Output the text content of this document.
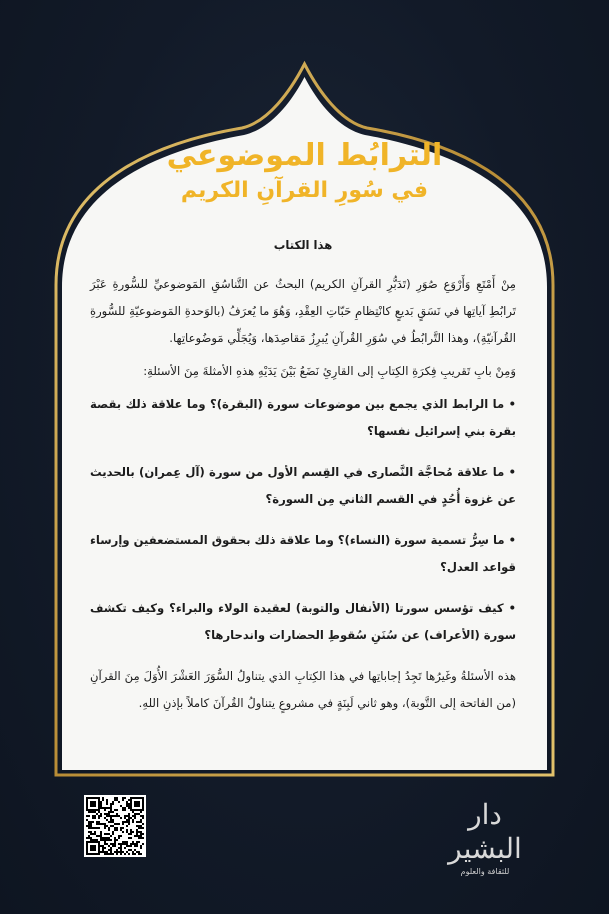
الترابُط الموضوعي
في سُورِ القرآنِ الكريم

هذا الكتاب

مِنْ أَمْتَعِ وَأَرْوَعِ صُوَرِ (تَدَبُّرِ القرآنِ الكريم) البحثُ عن التَّناسُقِ المَوضوعيِّ للسُّورةِ عَبْرَ تَرابُطِ آياتِها في نَسَقٍ بَديعٍ كانْتِظامِ حَبّاتِ العِقْدِ، وَهُوَ ما يُعرَفُ (بالوَحدةِ المَوضوعيّةِ للسُّورةِ القُرآنيّةِ)، وهذا التَّرابُطُ في سُوَرِ القُرآنِ يُبرِزُ مَقاصِدَها، وَيُجَلِّي مَوضُوعاتِها.

وَمِنْ بابِ تَقريبِ فِكرَةِ الكِتابِ إلى القارِئِ نَضَعُ بَيْنَ يَدَيْهِ هذهِ الأمثلةَ مِنَ الأسئلةِ:

• ما الرابط الذي يجمع بين موضوعات سورة (البقرة)؟ وما علاقة ذلك بقصة بقرة بني إسرائيل نفسها؟

• ما علاقة مُحاجَّة النَّصارى في القِسم الأول من سورة (آل عِمران) بالحديث عن غزوة أُحُدٍ في القسم الثاني مِن السورة؟

• ما سِرُّ تسمية سورة (النساء)؟ وما علاقة ذلك بحقوق المستضعفين وإرساء قواعد العدل؟

• كيف تؤسس سورتا (الأنفال والتوبة) لعقيدة الولاء والبراء؟ وكيف تكشف سورة (الأعراف) عن سُنَنِ سُقوطِ الحضارات واندحارها؟

هذه الأسئلةُ وغَيرُها تَجِدُ إجاباتِها في هذا الكِتابِ الذي يتناولُ السُّوَرَ العَشْرَ الأُوَلَ مِنَ القرآنِ (من الفاتحة إلى التَّوبة)، وهو ثاني لَبِنَةٍ في مشروعٍ يتناولُ القُرآنَ كاملاً بإذنِ اللهِ.

دار البشير
للثقافة والعلوم
